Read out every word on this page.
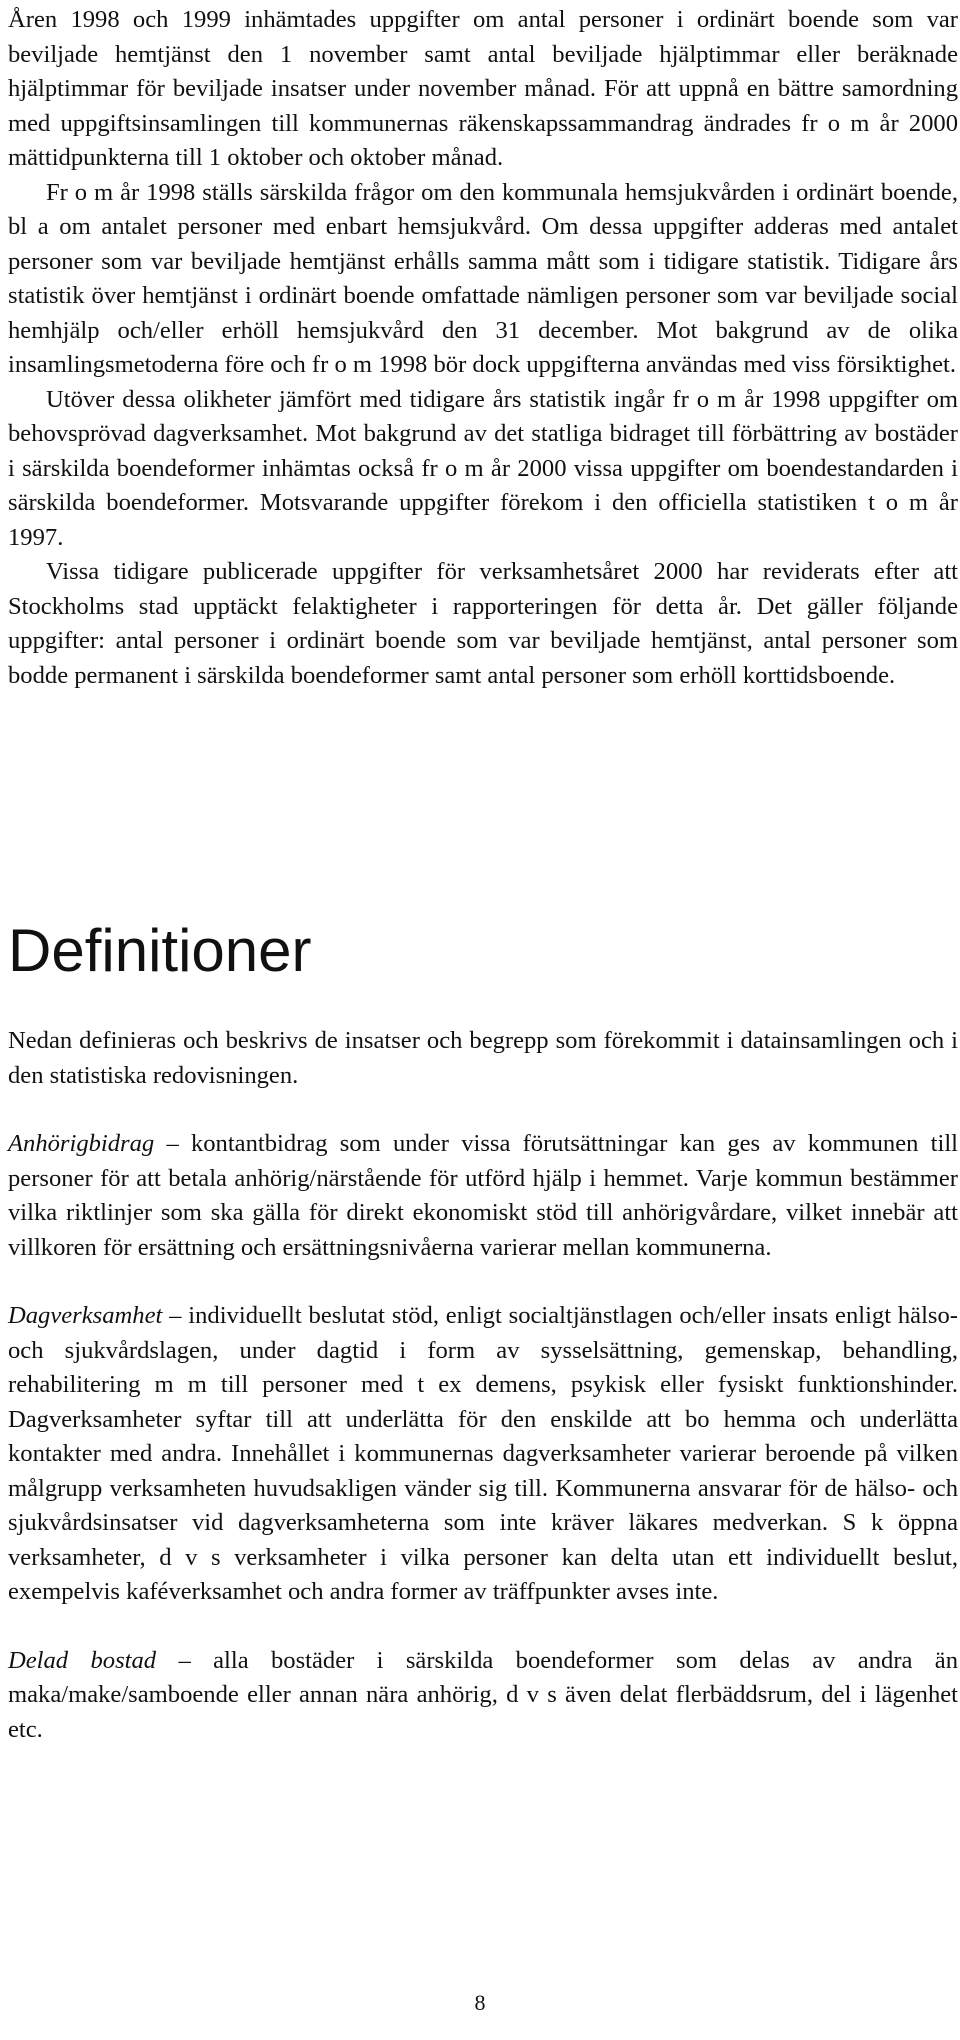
Åren 1998 och 1999 inhämtades uppgifter om antal personer i ordinärt boende som var beviljade hemtjänst den 1 november samt antal beviljade hjälptimmar eller beräknade hjälptimmar för beviljade insatser under november månad. För att uppnå en bättre samordning med uppgiftsinsamlingen till kommunernas räkenskapssammandrag ändrades fr o m år 2000 mättidpunkterna till 1 oktober och oktober månad.

Fr o m år 1998 ställs särskilda frågor om den kommunala hemsjukvården i ordinärt boende, bl a om antalet personer med enbart hemsjukvård. Om dessa uppgifter adderas med antalet personer som var beviljade hemtjänst erhålls samma mått som i tidigare statistik. Tidigare års statistik över hemtjänst i ordinärt boende omfattade nämligen personer som var beviljade social hemhjälp och/eller erhöll hemsjukvård den 31 december. Mot bakgrund av de olika insamlingsmetoderna före och fr o m 1998 bör dock uppgifterna användas med viss försiktighet.

Utöver dessa olikheter jämfört med tidigare års statistik ingår fr o m år 1998 uppgifter om behovsprövad dagverksamhet. Mot bakgrund av det statliga bidraget till förbättring av bostäder i särskilda boendeformer inhämtas också fr o m år 2000 vissa uppgifter om boendestandarden i särskilda boendeformer. Motsvarande uppgifter förekom i den officiella statistiken t o m år 1997.

Vissa tidigare publicerade uppgifter för verksamhetsåret 2000 har reviderats efter att Stockholms stad upptäckt felaktigheter i rapporteringen för detta år. Det gäller följande uppgifter: antal personer i ordinärt boende som var beviljade hemtjänst, antal personer som bodde permanent i särskilda boendeformer samt antal personer som erhöll korttidsboende.

Definitioner

Nedan definieras och beskrivs de insatser och begrepp som förekommit i datainsamlingen och i den statistiska redovisningen.

Anhörigbidrag – kontantbidrag som under vissa förutsättningar kan ges av kommunen till personer för att betala anhörig/närstående för utförd hjälp i hemmet. Varje kommun bestämmer vilka riktlinjer som ska gälla för direkt ekonomiskt stöd till anhörigvårdare, vilket innebär att villkoren för ersättning och ersättningsnivåerna varierar mellan kommunerna.

Dagverksamhet – individuellt beslutat stöd, enligt socialtjänstlagen och/eller insats enligt hälso- och sjukvårdslagen, under dagtid i form av sysselsättning, gemenskap, behandling, rehabilitering m m till personer med t ex demens, psykisk eller fysiskt funktionshinder. Dagverksamheter syftar till att underlätta för den enskilde att bo hemma och underlätta kontakter med andra. Innehållet i kommunernas dagverksamheter varierar beroende på vilken målgrupp verksamheten huvudsakligen vänder sig till. Kommunerna ansvarar för de hälso- och sjukvårdsinsatser vid dagverksamheterna som inte kräver läkares medverkan. S k öppna verksamheter, d v s verksamheter i vilka personer kan delta utan ett individuellt beslut, exempelvis kaféverksamhet och andra former av träffpunkter avses inte.

Delad bostad – alla bostäder i särskilda boendeformer som delas av andra än maka/make/samboende eller annan nära anhörig, d v s även delat flerbäddsrum, del i lägenhet etc.

8
